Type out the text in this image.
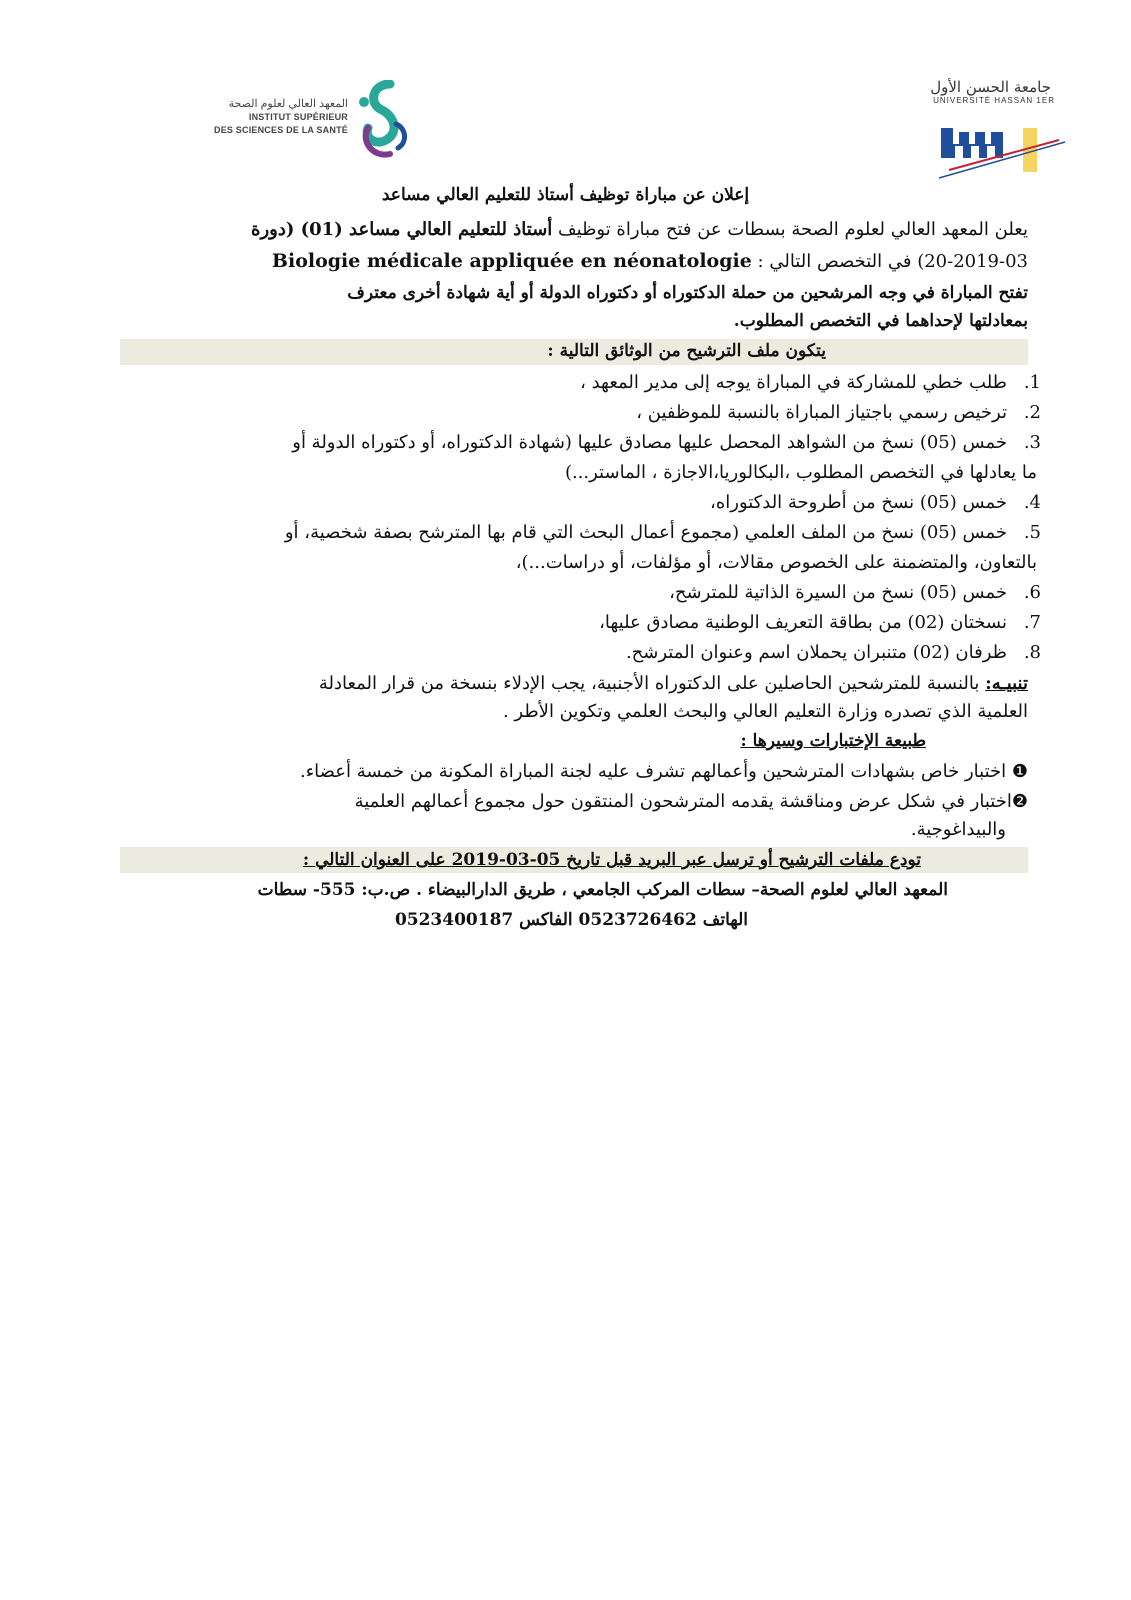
جامعة الحسن الأول
UNIVERSITÉ HASSAN 1ER
المعهد العالي لعلوم الصحة
INSTITUT SUPÉRIEUR
DES SCIENCES DE LA SANTÉ
إعلان عن مباراة توظيف أستاذ للتعليم العالي مساعد
يعلن المعهد العالي لعلوم الصحة بسطات عن فتح مباراة توظيف أستاذ للتعليم العالي مساعد (01) (دورة
20-2019-03) في التخصص التالي : Biologie médicale appliquée en néonatologie
تفتح المباراة في وجه المرشحين من حملة الدكتوراه أو دكتوراه الدولة أو أية شهادة أخرى معترف
بمعادلتها لإحداهما في التخصص المطلوب.
يتكون ملف الترشيح من الوثائق التالية :
1.طلب خطي للمشاركة في المباراة يوجه إلى مدير المعهد ،
2.ترخيص رسمي باجتياز المباراة بالنسبة للموظفين ،
3.خمس (05) نسخ من الشواهد المحصل عليها مصادق عليها (شهادة الدكتوراه، أو دكتوراه الدولة أو
ما يعادلها في التخصص المطلوب ،البكالوريا،الاجازة ، الماستر...)
4.خمس (05) نسخ من أطروحة الدكتوراه،
5.خمس (05) نسخ من الملف العلمي (مجموع أعمال البحث التي قام بها المترشح بصفة شخصية، أو
بالتعاون، والمتضمنة على الخصوص مقالات، أو مؤلفات، أو دراسات...)،
6.خمس (05) نسخ من السيرة الذاتية للمترشح،
7.نسختان (02) من بطاقة التعريف الوطنية مصادق عليها،
8.ظرفان (02) متنبران يحملان اسم وعنوان المترشح.
تنبيـه: بالنسبة للمترشحين الحاصلين على الدكتوراه الأجنبية، يجب الإدلاء بنسخة من قرار المعادلة
العلمية الذي تصدره وزارة التعليم العالي والبحث العلمي وتكوين الأطر .
طبيعة الإختبارات وسيرها :
❶ اختبار خاص بشهادات المترشحين وأعمالهم تشرف عليه لجنة المباراة المكونة من خمسة أعضاء.
❷اختبار في شكل عرض ومناقشة يقدمه المترشحون المنتقون حول مجموع أعمالهم العلمية
والبيداغوجية.
تودع ملفات الترشيح أو ترسل عبر البريد قبل تاريخ 05-03-2019 على العنوان التالي :
المعهد العالي لعلوم الصحة– سطات المركب الجامعي ، طريق الدارالبيضاء . ص.ب: 555- سطات
الهاتف 0523726462 الفاكس 0523400187
